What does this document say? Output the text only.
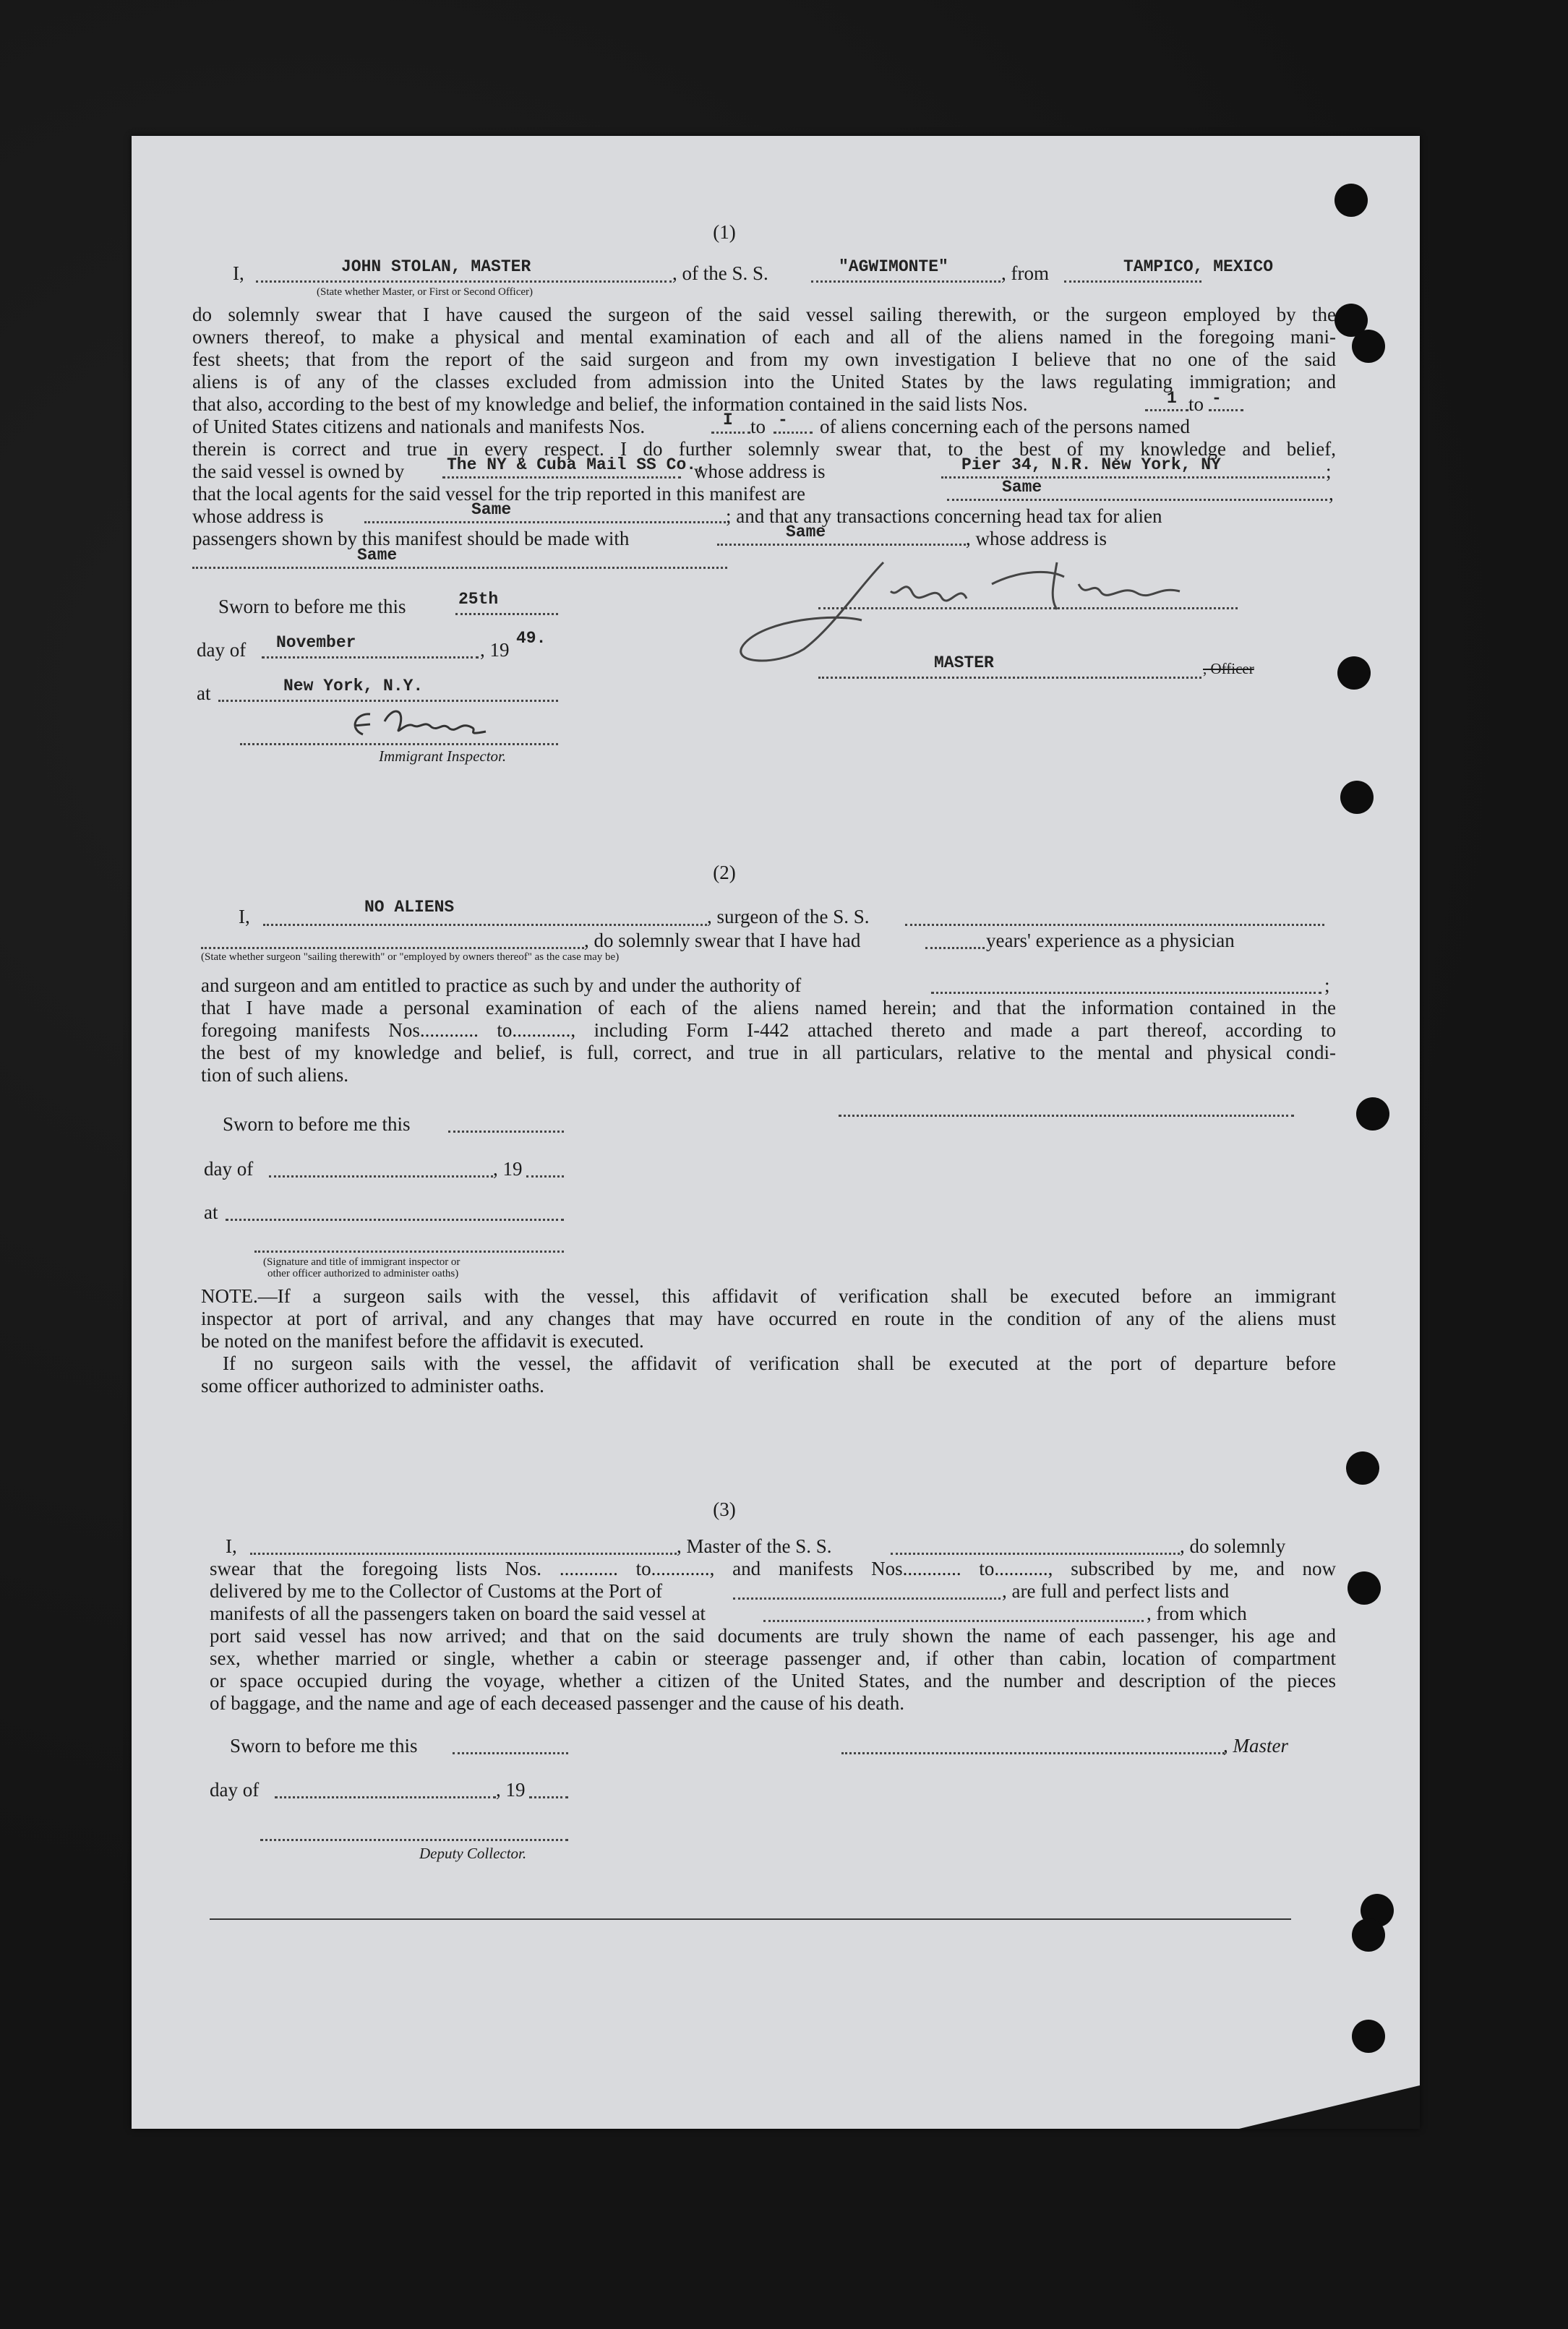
(1)
I,	JOHN STOLAN, MASTER	, of the S. S.	"AGWIMONTE"	, from	TAMPICO, MEXICO
(State whether Master, or First or Second Officer)
do solemnly swear that I have caused the surgeon of the said vessel sailing therewith, or the surgeon employed by the
owners thereof, to make a physical and mental examination of each and all of the aliens named in the foregoing mani-
fest sheets; that from the report of the said surgeon and from my own investigation I believe that no one of the said
aliens is of any of the classes excluded from admission into the United States by the laws regulating immigration; and
that also, according to the best of my knowledge and belief, the information contained in the said lists Nos.	1 to -
of United States citizens and nationals and manifests Nos.	I to - of aliens concerning each of the persons named
therein is correct and true in every respect. I do further solemnly swear that, to the best of my knowledge and belief,
the said vessel is owned by	The NY & Cuba Mail SS Co.,
whose address is	Pier 34, N.R. New York, NY	;
that the local agents for the said vessel for the trip reported in this manifest are	Same	,
whose address is	Same	; and that any transactions concerning head tax for alien
passengers shown by this manifest should be made with	Same	, whose address is
Same
Sworn to before me this	25th
day of November	, 19
49.
at	New York, N.Y.
Immigrant Inspector.
MASTER	, Officer
(2)
I,	NO ALIENS	, surgeon of the S. S.
, do solemnly swear that I have had	years' experience as a physician
(State whether surgeon "sailing therewith" or "employed by owners thereof" as the case may be)
and surgeon and am entitled to practice as such by and under the authority of	;
that I have made a personal examination of each of the aliens named herein; and that the information contained in the
foregoing manifests Nos............ to............, including Form I-442 attached thereto and made a part thereof, according to
the best of my knowledge and belief, is full, correct, and true in all particulars, relative to the mental and physical condi-
tion of such aliens.
Sworn to before me this
day of	, 19
at
(Signature and title of immigrant inspector or
other officer authorized to administer oaths)
NOTE.—If a surgeon sails with the vessel, this affidavit of verification shall be executed before an immigrant
inspector at port of arrival, and any changes that may have occurred en route in the condition of any of the aliens must
be noted on the manifest before the affidavit is executed.
If no surgeon sails with the vessel, the affidavit of verification shall be executed at the port of departure before
some officer authorized to administer oaths.
(3)
I,	, Master of the S. S.	, do solemnly
swear that the foregoing lists Nos. ............ to............, and manifests Nos............ to..........., subscribed by me, and now
delivered by me to the Collector of Customs at the Port of	, are full and perfect lists and
manifests of all the passengers taken on board the said vessel at	, from which
port said vessel has now arrived; and that on the said documents are truly shown the name of each passenger, his age and
sex, whether married or single, whether a cabin or steerage passenger and, if other than cabin, location of compartment
or space occupied during the voyage, whether a citizen of the United States, and the number and description of the pieces
of baggage, and the name and age of each deceased passenger and the cause of his death.
Sworn to before me this	, Master
day of	, 19
Deputy Collector.
